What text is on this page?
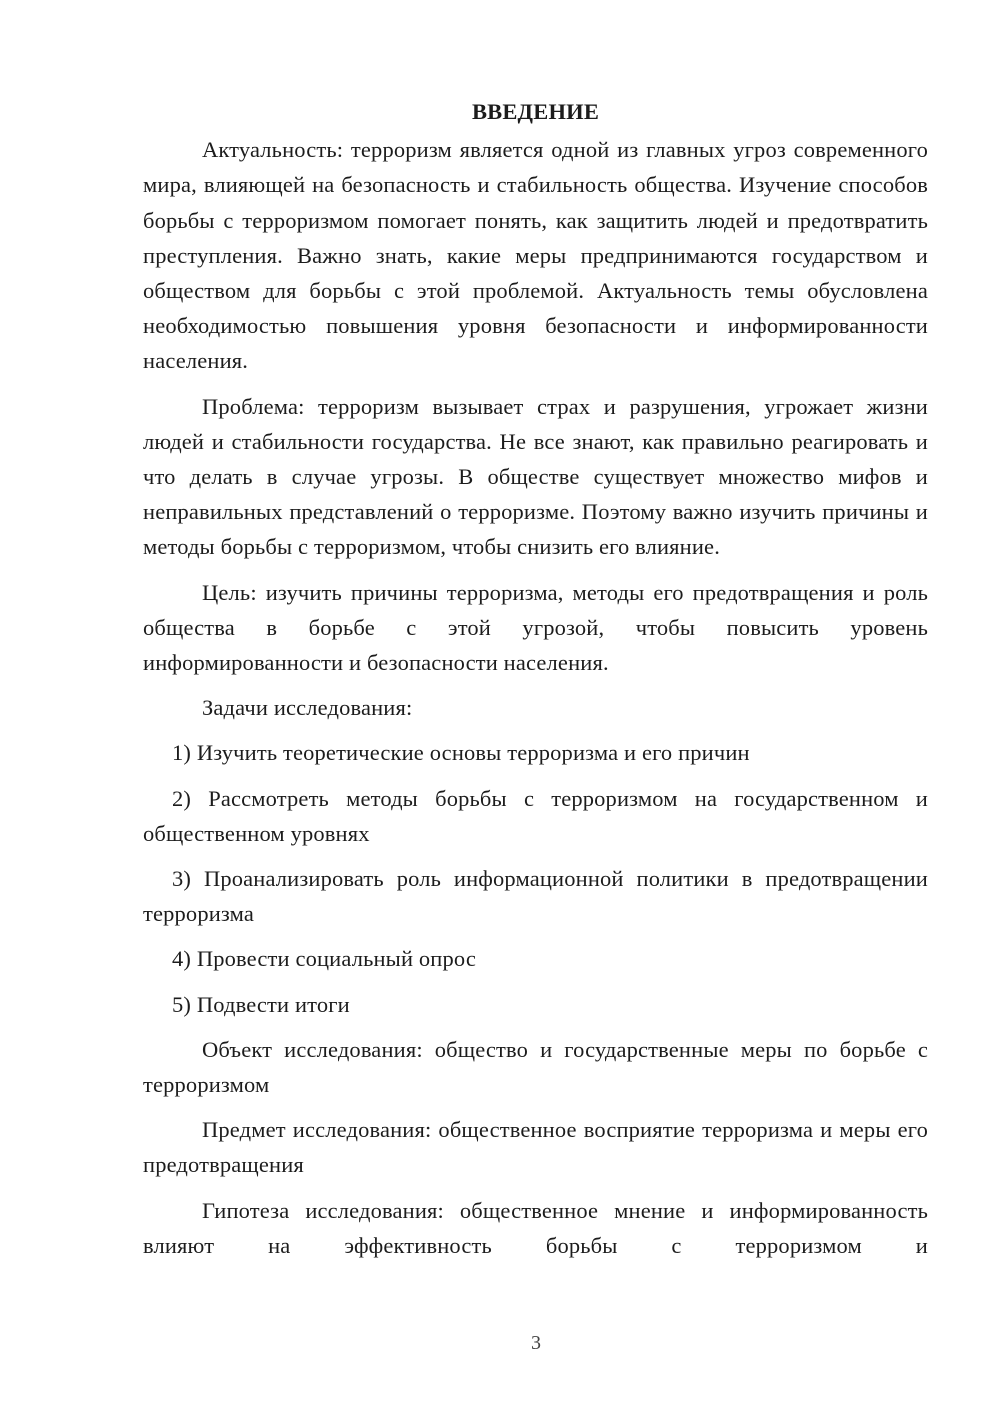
ВВЕДЕНИЕ

Актуальность: терроризм является одной из главных угроз современного мира, влияющей на безопасность и стабильность общества. Изучение способов борьбы с терроризмом помогает понять, как защитить людей и предотвратить преступления. Важно знать, какие меры предпринимаются государством и обществом для борьбы с этой проблемой. Актуальность темы обусловлена необходимостью повышения уровня безопасности и информированности населения.

Проблема: терроризм вызывает страх и разрушения, угрожает жизни людей и стабильности государства. Не все знают, как правильно реагировать и что делать в случае угрозы. В обществе существует множество мифов и неправильных представлений о терроризме. Поэтому важно изучить причины и методы борьбы с терроризмом, чтобы снизить его влияние.

Цель: изучить причины терроризма, методы его предотвращения и роль общества в борьбе с этой угрозой, чтобы повысить уровень информированности и безопасности населения.

Задачи исследования:

1) Изучить теоретические основы терроризма и его причин

2) Рассмотреть методы борьбы с терроризмом на государственном и общественном уровнях

3) Проанализировать роль информационной политики в предотвращении терроризма

4) Провести социальный опрос

5) Подвести итоги

Объект исследования: общество и государственные меры по борьбе с терроризмом

Предмет исследования: общественное восприятие терроризма и меры его предотвращения

Гипотеза исследования: общественное мнение и информированность влияют на эффективность борьбы с терроризмом и

3
